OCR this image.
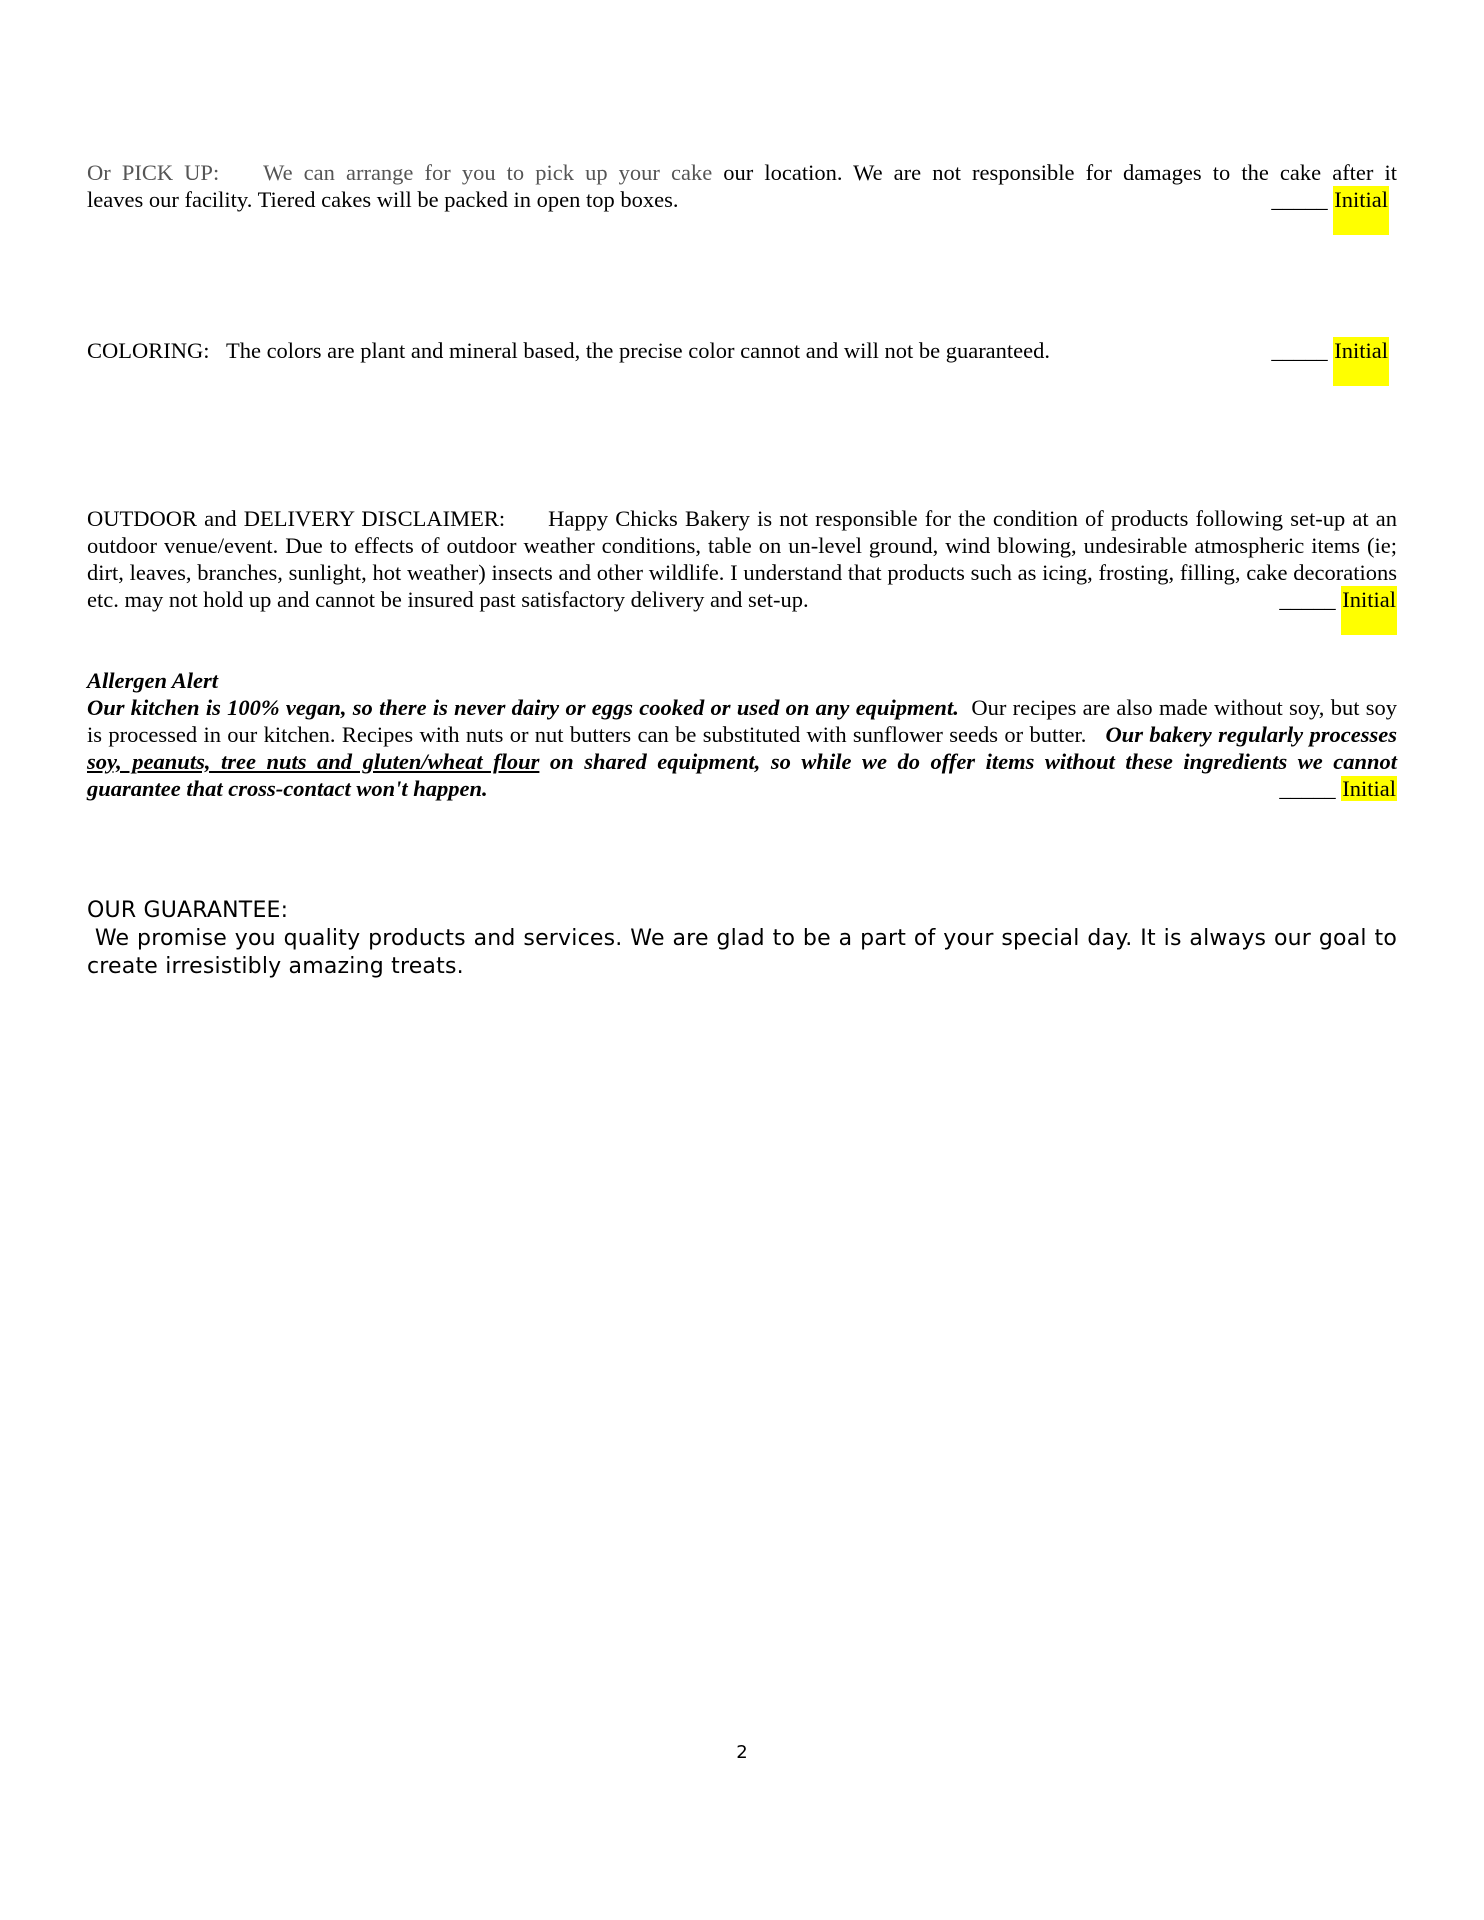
Or PICK UP: We can arrange for you to pick up your cake our location. We are not responsible for damages to the cake after it
leaves our facility. Tiered cakes will be packed in open top boxes.	_____ Initial
COLORING: The colors are plant and mineral based, the precise color cannot and will not be guaranteed.	_____ Initial
OUTDOOR and DELIVERY DISCLAIMER: Happy Chicks Bakery is not responsible for the condition of products following set-up at an outdoor venue/event. Due to effects of outdoor weather conditions, table on un-level ground, wind blowing, undesirable atmospheric items (ie; dirt, leaves, branches, sunlight, hot weather) insects and other wildlife. I understand that products such as icing, frosting, filling, cake decorations etc. may not hold up and cannot be insured past satisfactory delivery and set-up.	_____ Initial
Allergen Alert
Our kitchen is 100% vegan, so there is never dairy or eggs cooked or used on any equipment. Our recipes are also made without soy, but soy is processed in our kitchen. Recipes with nuts or nut butters can be substituted with sunflower seeds or butter. Our bakery regularly processes soy, peanuts, tree nuts and gluten/wheat flour on shared equipment, so while we do offer items without these ingredients we cannot guarantee that cross-contact won't happen.	_____ Initial
OUR GUARANTEE:
We promise you quality products and services. We are glad to be a part of your special day. It is always our goal to create irresistibly amazing treats.
2
